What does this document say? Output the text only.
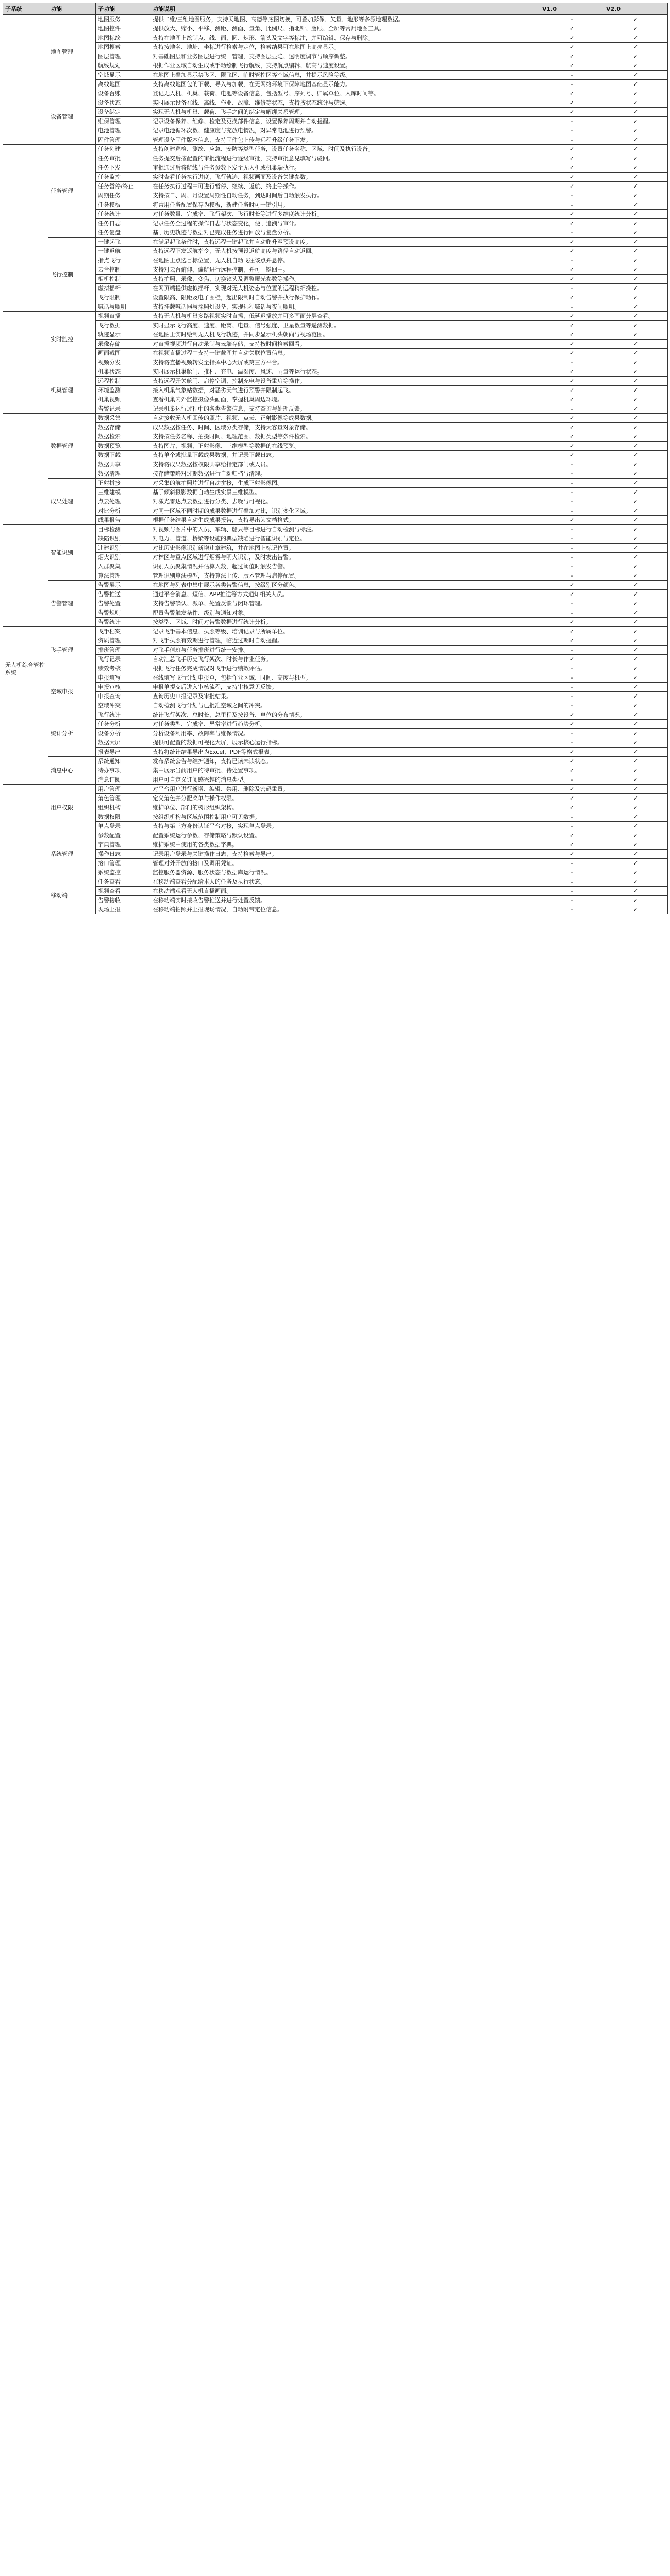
子系统	功能	子功能	功能说明	V1.0	V2.0
	地图管理	地图服务	提供二维/三维地图服务，支持天地图、高德等底图切换，可叠加影像、矢量、地形等多源地理数据。	-	✓
		地图控件	提供放大、缩小、平移、测距、测面、量角、比例尺、指北针、鹰眼、全屏等常用地图工具。	✓	✓
		地图标绘	支持在地图上绘制点、线、面、圆、矩形、箭头及文字等标注，并可编辑、保存与删除。	✓	✓
		地图搜索	支持按地名、地址、坐标进行检索与定位，检索结果可在地图上高亮显示。	✓	✓
		图层管理	对基础图层和业务图层进行统一管理，支持图层显隐、透明度调节与顺序调整。	✓	✓
		航线规划	根据作业区域自动生成或手动绘制飞行航线，支持航点编辑、航高与速度设置。	✓	✓
		空域显示	在地图上叠加显示禁飞区、限飞区、临时管控区等空域信息，并提示风险等级。	-	✓
		离线地图	支持离线地图包的下载、导入与加载，在无网络环境下保障地图基础显示能力。	-	✓
	设备管理	设备台账	登记无人机、机巢、载荷、电池等设备信息，包括型号、序列号、归属单位、入库时间等。	✓	✓
		设备状态	实时展示设备在线、离线、作业、故障、维修等状态，支持按状态统计与筛选。	✓	✓
		设备绑定	实现无人机与机巢、载荷、飞手之间的绑定与解绑关系管理。	✓	✓
		维保管理	记录设备保养、维修、检定及更换部件信息，设置保养周期并自动提醒。	-	✓
		电池管理	记录电池循环次数、健康度与充放电情况，对异常电池进行预警。	-	✓
		固件管理	管理设备固件版本信息，支持固件包上传与远程升级任务下发。	-	✓
	任务管理	任务创建	支持创建巡检、测绘、应急、安防等类型任务，设置任务名称、区域、时间及执行设备。	✓	✓
		任务审批	任务提交后按配置的审批流程进行逐级审批，支持审批意见填写与驳回。	✓	✓
		任务下发	审批通过后将航线与任务参数下发至无人机或机巢端执行。	✓	✓
		任务监控	实时查看任务执行进度、飞行轨迹、视频画面及设备关键参数。	✓	✓
		任务暂停/终止	在任务执行过程中可进行暂停、继续、返航、终止等操作。	✓	✓
		周期任务	支持按日、周、月设置周期性自动任务，到达时间后自动触发执行。	-	✓
		任务模板	将常用任务配置保存为模板，新建任务时可一键引用。	-	✓
		任务统计	对任务数量、完成率、飞行架次、飞行时长等进行多维度统计分析。	✓	✓
		任务日志	记录任务全过程的操作日志与状态变化，便于追溯与审计。	✓	✓
		任务复盘	基于历史轨迹与数据对已完成任务进行回放与复盘分析。	-	✓
	飞行控制	一键起飞	在满足起飞条件时，支持远程一键起飞并自动爬升至预设高度。	✓	✓
		一键返航	支持远程下发返航指令，无人机按预设返航高度与路径自动返回。	✓	✓
		指点飞行	在地图上点选目标位置，无人机自动飞往该点并悬停。	-	✓
		云台控制	支持对云台俯仰、偏航进行远程控制，并可一键回中。	✓	✓
		相机控制	支持拍照、录像、变焦、切换镜头及调整曝光参数等操作。	✓	✓
		虚拟摇杆	在网页端提供虚拟摇杆，实现对无人机姿态与位置的远程精细操控。	-	✓
		飞行限制	设置限高、限距及电子围栏，超出限制时自动告警并执行保护动作。	✓	✓
		喊话与照明	支持挂载喊话器与探照灯设备，实现远程喊话与夜间照明。	-	✓
	实时监控	视频直播	支持无人机与机巢多路视频实时直播，低延迟播放并可多画面分屏查看。	✓	✓
		飞行数据	实时显示飞行高度、速度、距离、电量、信号强度、卫星数量等遥测数据。	✓	✓
		轨迹显示	在地图上实时绘制无人机飞行轨迹，并同步显示机头朝向与视场范围。	✓	✓
		录像存储	对直播视频进行自动录制与云端存储，支持按时间检索回看。	✓	✓
		画面截图	在视频直播过程中支持一键截图并自动关联位置信息。	✓	✓
		视频分发	支持将直播视频转发至指挥中心大屏或第三方平台。	-	✓
	机巢管理	机巢状态	实时展示机巢舱门、推杆、充电、温湿度、风速、雨量等运行状态。	✓	✓
		远程控制	支持远程开关舱门、启停空调、控制充电与设备重启等操作。	✓	✓
		环境监测	接入机巢气象站数据，对恶劣天气进行预警并限制起飞。	✓	✓
		机巢视频	查看机巢内外监控摄像头画面，掌握机巢周边环境。	✓	✓
		告警记录	记录机巢运行过程中的各类告警信息，支持查询与处理反馈。	-	✓
	数据管理	数据采集	自动接收无人机回传的照片、视频、点云、正射影像等成果数据。	✓	✓
		数据存储	成果数据按任务、时间、区域分类存储，支持大容量对象存储。	✓	✓
		数据检索	支持按任务名称、拍摄时间、地理范围、数据类型等条件检索。	✓	✓
		数据预览	支持图片、视频、正射影像、三维模型等数据的在线预览。	✓	✓
		数据下载	支持单个或批量下载成果数据，并记录下载日志。	✓	✓
		数据共享	支持将成果数据按权限共享给指定部门或人员。	-	✓
		数据清理	按存储策略对过期数据进行自动归档与清理。	-	✓
	成果处理	正射拼接	对采集的航拍照片进行自动拼接，生成正射影像图。	-	✓
		三维建模	基于倾斜摄影数据自动生成实景三维模型。	-	✓
		点云处理	对激光雷达点云数据进行分类、去噪与可视化。	-	✓
		对比分析	对同一区域不同时期的成果数据进行叠加对比，识别变化区域。	-	✓
		成果报告	根据任务结果自动生成成果报告，支持导出为文档格式。	✓	✓
	智能识别	目标检测	对视频与图片中的人员、车辆、船只等目标进行自动检测与标注。	-	✓
		缺陷识别	对电力、管道、桥梁等设施的典型缺陷进行智能识别与定位。	-	✓
		违建识别	对比历史影像识别新增违章建筑，并在地图上标记位置。	-	✓
		烟火识别	对林区与重点区域进行烟雾与明火识别，及时发出告警。	-	✓
		人群聚集	识别人员聚集情况并估算人数，超过阈值时触发告警。	-	✓
		算法管理	管理识别算法模型，支持算法上传、版本管理与启停配置。	-	✓
	告警管理	告警展示	在地图与列表中集中展示各类告警信息，按级别区分颜色。	✓	✓
		告警推送	通过平台消息、短信、APP推送等方式通知相关人员。	✓	✓
		告警处置	支持告警确认、派单、处置反馈与闭环管理。	-	✓
		告警规则	配置告警触发条件、级别与通知对象。	-	✓
		告警统计	按类型、区域、时间对告警数据进行统计分析。	✓	✓
无人机综合管控系统	飞手管理	飞手档案	记录飞手基本信息、执照等级、培训记录与所属单位。	✓	✓
		资质管理	对飞手执照有效期进行管理，临近过期时自动提醒。	✓	✓
		排班管理	对飞手值班与任务排班进行统一安排。	-	✓
		飞行记录	自动汇总飞手历史飞行架次、时长与作业任务。	✓	✓
		绩效考核	根据飞行任务完成情况对飞手进行绩效评估。	-	✓
	空域申报	申报填写	在线填写飞行计划申报单，包括作业区域、时间、高度与机型。	-	✓
		申报审核	申报单提交后进入审核流程，支持审核意见反馈。	-	✓
		申报查询	查询历史申报记录及审批结果。	-	✓
		空域冲突	自动检测飞行计划与已批准空域之间的冲突。	-	✓
	统计分析	飞行统计	统计飞行架次、总时长、总里程及按设备、单位的分布情况。	✓	✓
		任务分析	对任务类型、完成率、异常率进行趋势分析。	✓	✓
		设备分析	分析设备利用率、故障率与维保情况。	-	✓
		数据大屏	提供可配置的数据可视化大屏，展示核心运行指标。	-	✓
		报表导出	支持将统计结果导出为Excel、PDF等格式报表。	✓	✓
	消息中心	系统通知	发布系统公告与维护通知，支持已读未读状态。	✓	✓
		待办事项	集中展示当前用户的待审批、待处置事项。	✓	✓
		消息订阅	用户可自定义订阅感兴趣的消息类型。	-	✓
	用户权限	用户管理	对平台用户进行新增、编辑、禁用、删除及密码重置。	✓	✓
		角色管理	定义角色并分配菜单与操作权限。	✓	✓
		组织机构	维护单位、部门的树形组织架构。	✓	✓
		数据权限	按组织机构与区域范围控制用户可见数据。	-	✓
		单点登录	支持与第三方身份认证平台对接，实现单点登录。	-	✓
	系统管理	参数配置	配置系统运行参数、存储策略与默认设置。	✓	✓
		字典管理	维护系统中使用的各类数据字典。	✓	✓
		操作日志	记录用户登录与关键操作日志，支持检索与导出。	✓	✓
		接口管理	管理对外开放的接口及调用凭证。	-	✓
		系统监控	监控服务器资源、服务状态与数据库运行情况。	-	✓
	移动端	任务查看	在移动端查看分配给本人的任务及执行状态。	-	✓
		视频查看	在移动端观看无人机直播画面。	-	✓
		告警接收	在移动端实时接收告警推送并进行处置反馈。	-	✓
		现场上报	在移动端拍照并上报现场情况，自动附带定位信息。	-	✓
